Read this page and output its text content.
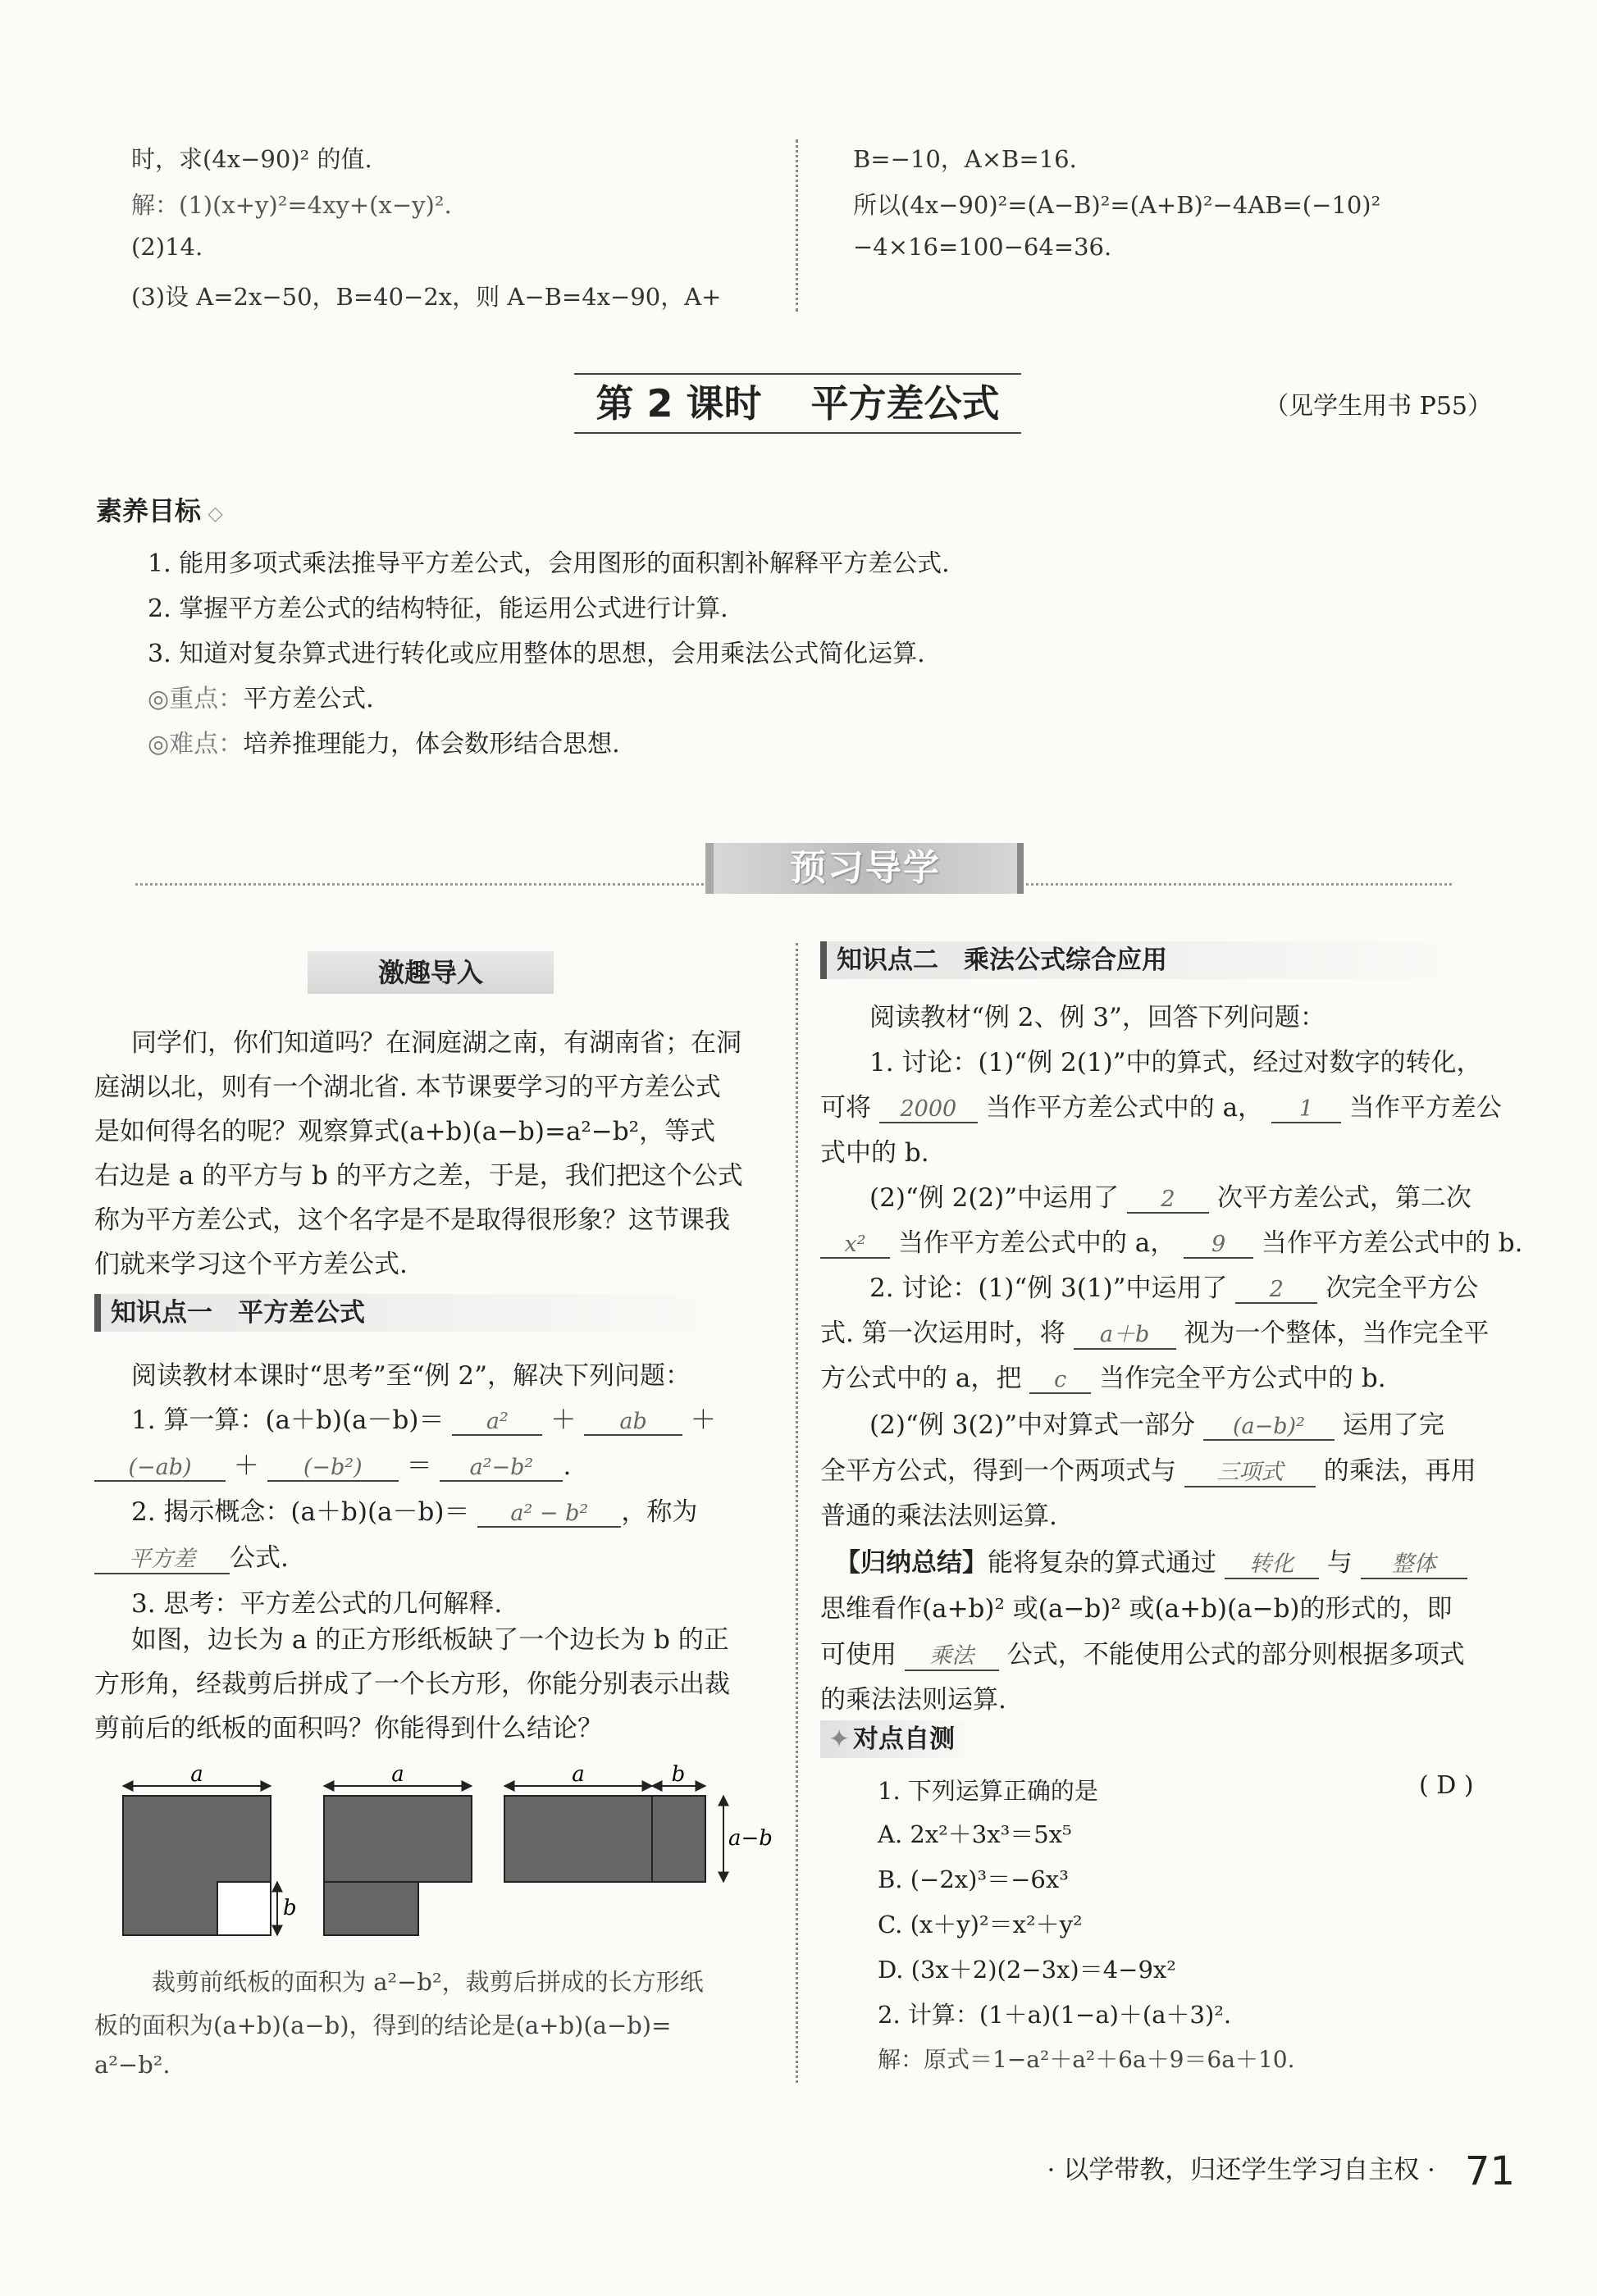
时，求(4x−90)² 的值.
解：(1)(x+y)²=4xy+(x−y)².
(2)14.
(3)设 A=2x−50，B=40−2x，则 A−B=4x−90，A+
B=−10，A×B=16.
所以(4x−90)²=(A−B)²=(A+B)²−4AB=(−10)²
−4×16=100−64=36.
第 2 课时 平方差公式	（见学生用书 P55）
素养目标 ◇
1. 能用多项式乘法推导平方差公式，会用图形的面积割补解释平方差公式.
2. 掌握平方差公式的结构特征，能运用公式进行计算.
3. 知道对复杂算式进行转化或应用整体的思想，会用乘法公式简化运算.
◎重点：平方差公式.
◎难点：培养推理能力，体会数形结合思想.
预习导学
激趣导入
同学们，你们知道吗？在洞庭湖之南，有湖南省；在洞
庭湖以北，则有一个湖北省. 本节课要学习的平方差公式
是如何得名的呢？观察算式(a+b)(a−b)=a²−b²，等式
右边是 a 的平方与 b 的平方之差，于是，我们把这个公式
称为平方差公式，这个名字是不是取得很形象？这节课我
们就来学习这个平方差公式.
知识点一　平方差公式
阅读教材本课时“思考”至“例 2”，解决下列问题：
1. 算一算：(a＋b)(a－b)＝ a² ＋ ab ＋
(−ab) ＋ (−b²) ＝ a²−b² .
2. 揭示概念：(a＋b)(a－b)＝ a² − b² ，称为
平方差 公式.
3. 思考：平方差公式的几何解释.
如图，边长为 a 的正方形纸板缺了一个边长为 b 的正
方形角，经裁剪后拼成了一个长方形，你能分别表示出裁
剪前后的纸板的面积吗？你能得到什么结论？
a
b
a	a	b
a−b
裁剪前纸板的面积为 a²−b²，裁剪后拼成的长方形纸
板的面积为(a+b)(a−b)，得到的结论是(a+b)(a−b)=
a²−b².
知识点二　乘法公式综合应用
阅读教材“例 2、例 3”，回答下列问题：
1. 讨论：(1)“例 2(1)”中的算式，经过对数字的转化，
可将 2000 当作平方差公式中的 a， 1 当作平方差公
式中的 b.
(2)“例 2(2)”中运用了 2 次平方差公式，第二次
x² 当作平方差公式中的 a， 9 当作平方差公式中的 b.
2. 讨论：(1)“例 3(1)”中运用了 2 次完全平方公
式. 第一次运用时，将 a＋b 视为一个整体，当作完全平
方公式中的 a，把 c 当作完全平方公式中的 b.
(2)“例 3(2)”中对算式一部分 (a−b)² 运用了完
全平方公式，得到一个两项式与 三项式 的乘法，再用
普通的乘法法则运算.
【归纳总结】能将复杂的算式通过 转化 与 整体
思维看作(a+b)² 或(a−b)² 或(a+b)(a−b)的形式的，即
可使用 乘法 公式，不能使用公式的部分则根据多项式
的乘法法则运算.
✦ 对点自测
1. 下列运算正确的是	( D )
A. 2x²＋3x³＝5x⁵
B. (−2x)³＝−6x³
C. (x＋y)²＝x²＋y²
D. (3x＋2)(2−3x)＝4−9x²
2. 计算：(1＋a)(1−a)＋(a＋3)².
解：原式＝1−a²＋a²＋6a＋9＝6a＋10.
· 以学带教，归还学生学习自主权 · 71
